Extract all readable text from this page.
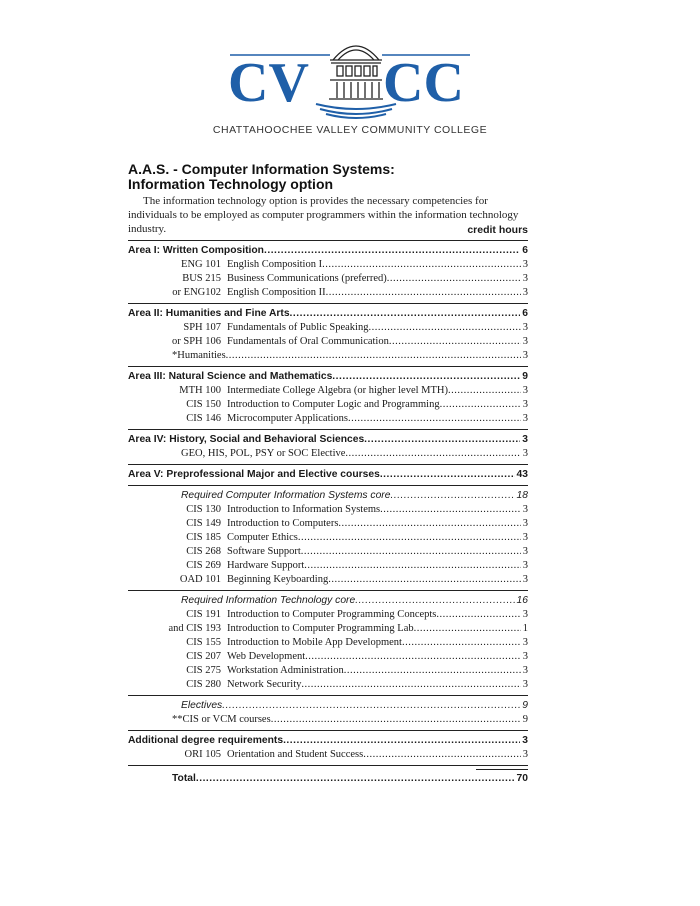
CV CC
CHATTAHOOCHEE VALLEY COMMUNITY COLLEGE
A.A.S. - Computer Information Systems:
Information Technology option

The information technology option is provides the necessary competencies for individuals to be employed as computer programmers within the information technology industry.	credit hours
Area I: Written Composition .....	6
ENG 101 English Composition I .....	3
BUS 215 Business Communications (preferred) .....	3
or ENG102 English Composition II .....	3
Area II: Humanities and Fine Arts .....	6
SPH 107 Fundamentals of Public Speaking .....	3
or SPH 106 Fundamentals of Oral Communication .....	3
*Humanities .....	3
Area III: Natural Science and Mathematics .....	9
MTH 100 Intermediate College Algebra (or higher level MTH) .....	3
CIS 150 Introduction to Computer Logic and Programming .....	3
CIS 146 Microcomputer Applications .....	3
Area IV: History, Social and Behavioral Sciences .....	3
GEO, HIS, POL, PSY or SOC Elective .....	3
Area V: Preprofessional Major and Elective courses .....	43
Required Computer Information Systems core .....	18
CIS 130 Introduction to Information Systems .....	3
CIS 149 Introduction to Computers .....	3
CIS 185 Computer Ethics .....	3
CIS 268 Software Support .....	3
CIS 269 Hardware Support .....	3
OAD 101 Beginning Keyboarding .....	3
Required Information Technology core .....	16
CIS 191 Introduction to Computer Programming Concepts .....	3
and CIS 193 Introduction to Computer Programming Lab .....	1
CIS 155 Introduction to Mobile App Development .....	3
CIS 207 Web Development .....	3
CIS 275 Workstation Administration .....	3
CIS 280 Network Security .....	3
Electives .....	9
**CIS or VCM courses .....	9
Additional degree requirements .....	3
ORI 105 Orientation and Student Success .....	3
Total .....	70
